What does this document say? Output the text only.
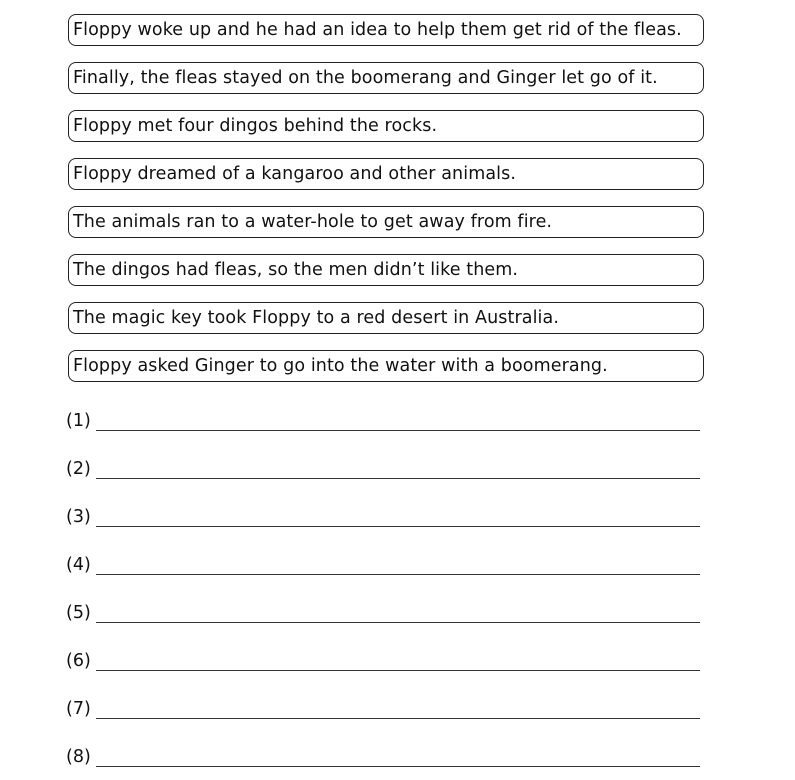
Floppy woke up and he had an idea to help them get rid of the fleas.
Finally, the fleas stayed on the boomerang and Ginger let go of it.
Floppy met four dingos behind the rocks.
Floppy dreamed of a kangaroo and other animals.
The animals ran to a water-hole to get away from fire.
The dingos had fleas, so the men didn’t like them.
The magic key took Floppy to a red desert in Australia.
Floppy asked Ginger to go into the water with a boomerang.
(1)
(2)
(3)
(4)
(5)
(6)
(7)
(8)
